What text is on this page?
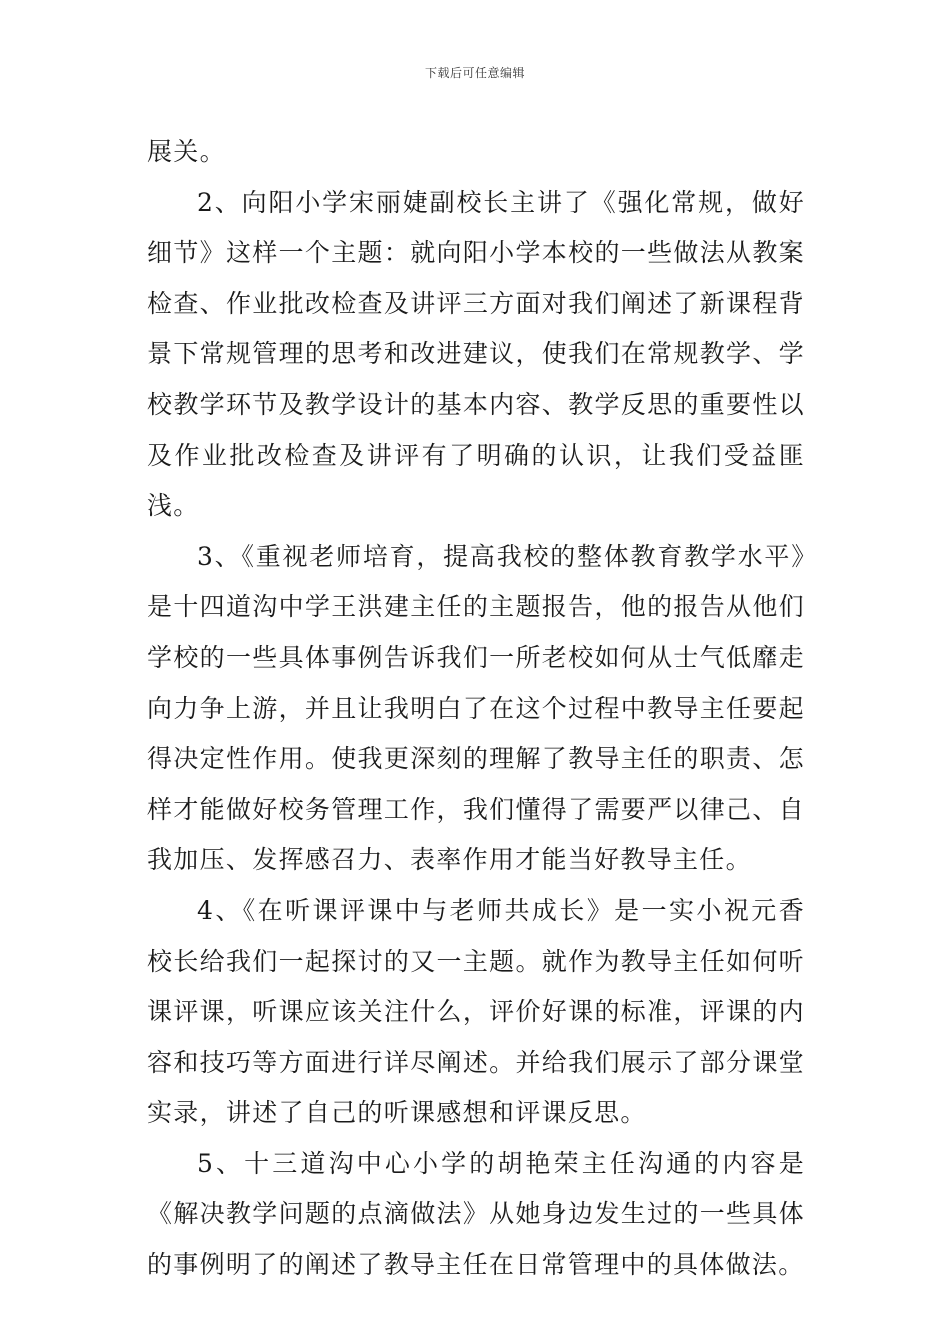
下载后可任意编辑

展关。

2、向阳小学宋丽婕副校长主讲了《强化常规，做好细节》这样一个主题：就向阳小学本校的一些做法从教案检查、作业批改检查及讲评三方面对我们阐述了新课程背景下常规管理的思考和改进建议，使我们在常规教学、学校教学环节及教学设计的基本内容、教学反思的重要性以及作业批改检查及讲评有了明确的认识，让我们受益匪浅。

3、《重视老师培育，提高我校的整体教育教学水平》是十四道沟中学王洪建主任的主题报告，他的报告从他们学校的一些具体事例告诉我们一所老校如何从士气低靡走向力争上游，并且让我明白了在这个过程中教导主任要起得决定性作用。使我更深刻的理解了教导主任的职责、怎样才能做好校务管理工作，我们懂得了需要严以律己、自我加压、发挥感召力、表率作用才能当好教导主任。

4、《在听课评课中与老师共成长》是一实小祝元香校长给我们一起探讨的又一主题。就作为教导主任如何听课评课，听课应该关注什么，评价好课的标准，评课的内容和技巧等方面进行详尽阐述。并给我们展示了部分课堂实录，讲述了自己的听课感想和评课反思。

5、十三道沟中心小学的胡艳荣主任沟通的内容是《解决教学问题的点滴做法》从她身边发生过的一些具体的事例明了的阐述了教导主任在日常管理中的具体做法。
